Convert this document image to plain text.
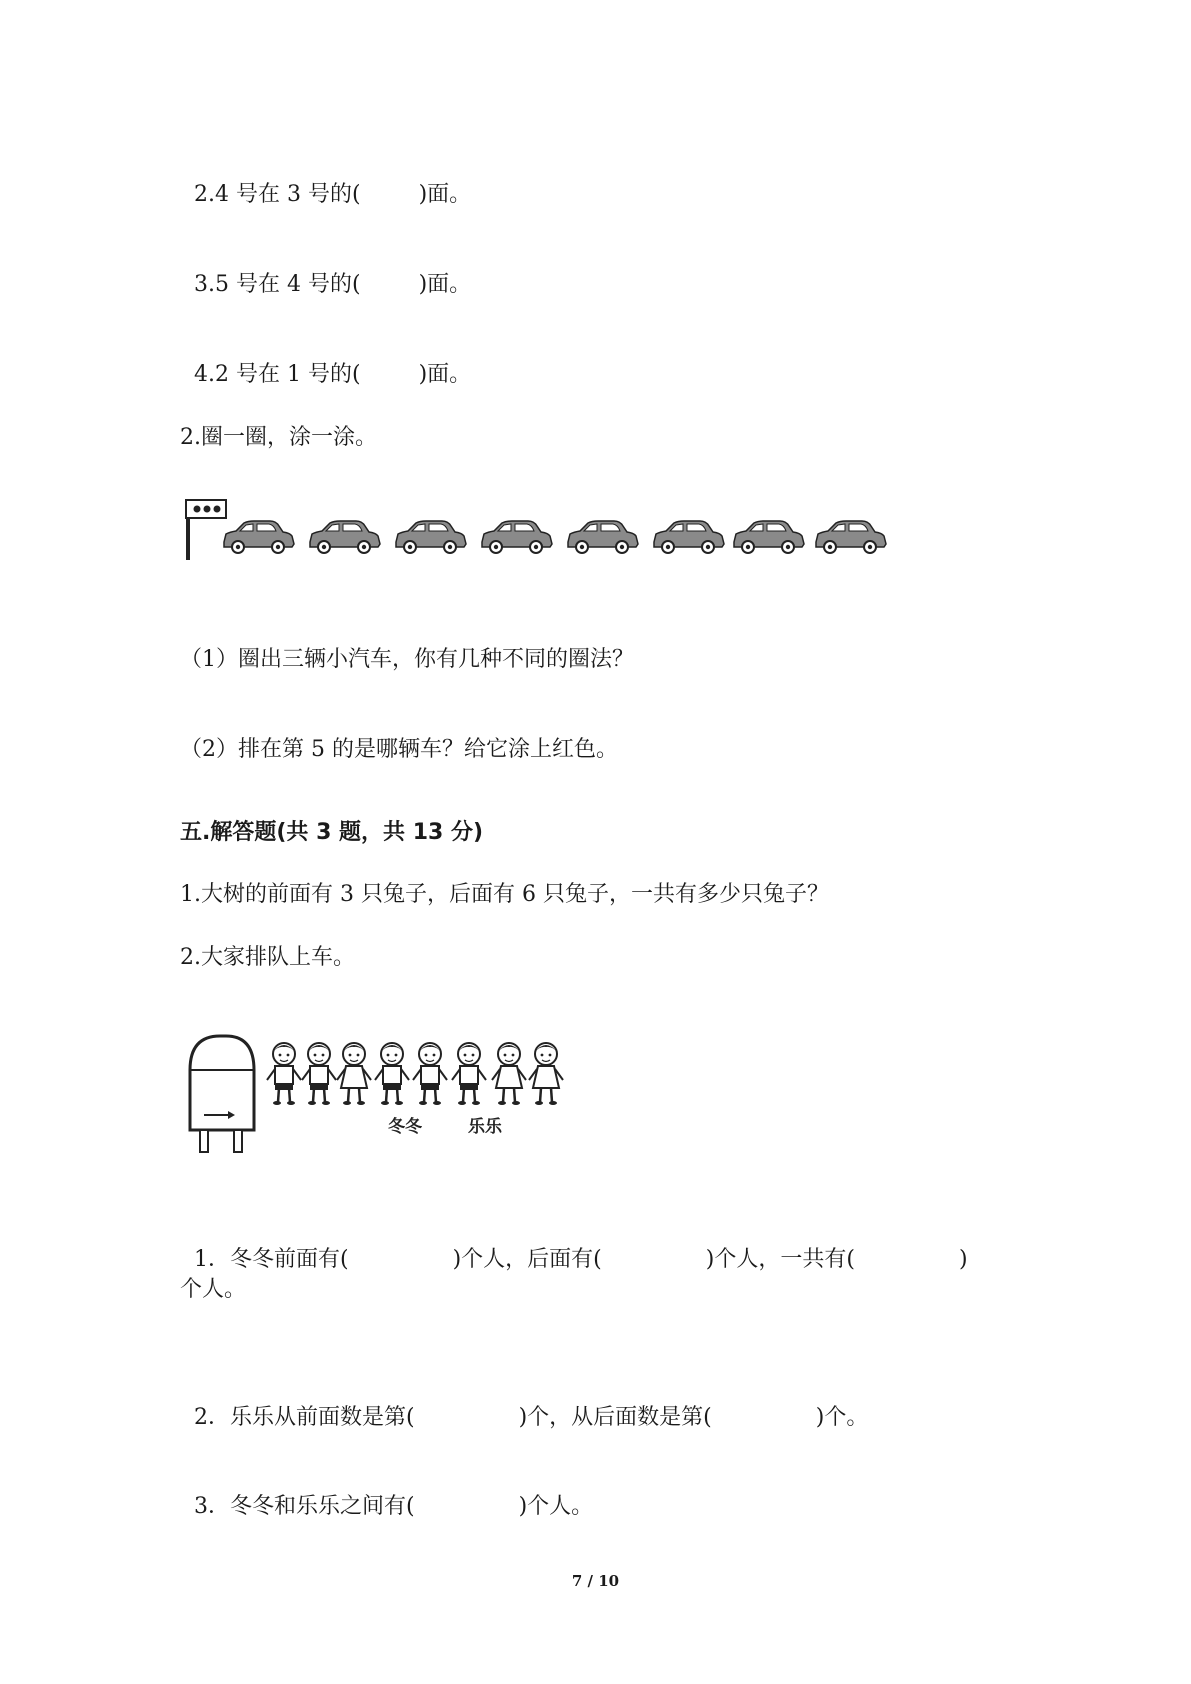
2.4 号在 3 号的(	)面。

3.5 号在 4 号的(	)面。

4.2 号在 1 号的(	)面。

2.圈一圈，涂一涂。
（1）圈出三辆小汽车，你有几种不同的圈法？
（2）排在第 5 的是哪辆车？给它涂上红色。
五.解答题(共 3 题，共 13 分)
1.大树的前面有 3 只兔子，后面有 6 只兔子，一共有多少只兔子？
2.大家排队上车。
冬冬	乐乐

1．冬冬前面有(	)个人，后面有(	)个人，一共有(	)

个人。

2．乐乐从前面数是第(	)个，从后面数是第(	)个。

3．冬冬和乐乐之间有(	)个人。

7 / 10
